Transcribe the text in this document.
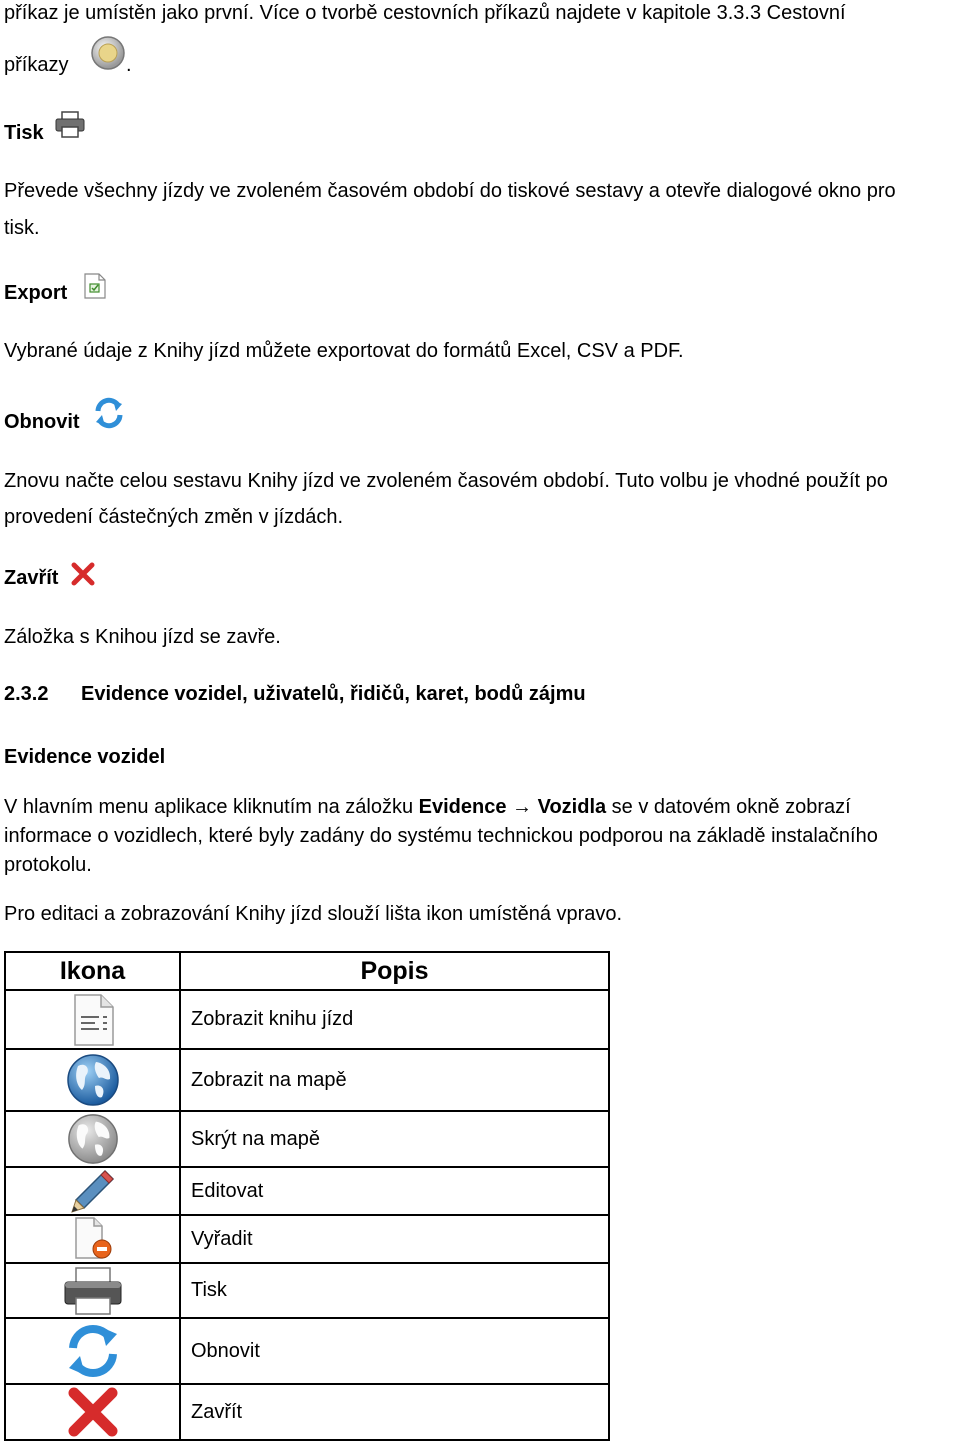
příkaz je umístěn jako první. Více o tvorbě cestovních příkazů najdete v kapitole 3.3.3 Cestovní
příkazy	.
Tisk
Převede všechny jízdy ve zvoleném časovém období do tiskové sestavy a otevře dialogové okno pro
tisk.
Export
Vybrané údaje z Knihy jízd můžete exportovat do formátů Excel, CSV a PDF.
Obnovit
Znovu načte celou sestavu Knihy jízd ve zvoleném časovém období. Tuto volbu je vhodné použít po
provedení částečných změn v jízdách.
Zavřít
Záložka s Knihou jízd se zavře.
2.3.2 Evidence vozidel, uživatelů, řidičů, karet, bodů zájmu
Evidence vozidel
V hlavním menu aplikace kliknutím na záložku Evidence → Vozidla se v datovém okně zobrazí
informace o vozidlech, které byly zadány do systému technickou podporou na základě instalačního
protokolu.
Pro editaci a zobrazování Knihy jízd slouží lišta ikon umístěná vpravo.
Ikona	Popis

	Zobrazit knihu jízd

	Zobrazit na mapě

	Skrýt na mapě

	Editovat

	Vyřadit

	Tisk

	Obnovit

	Zavřít
